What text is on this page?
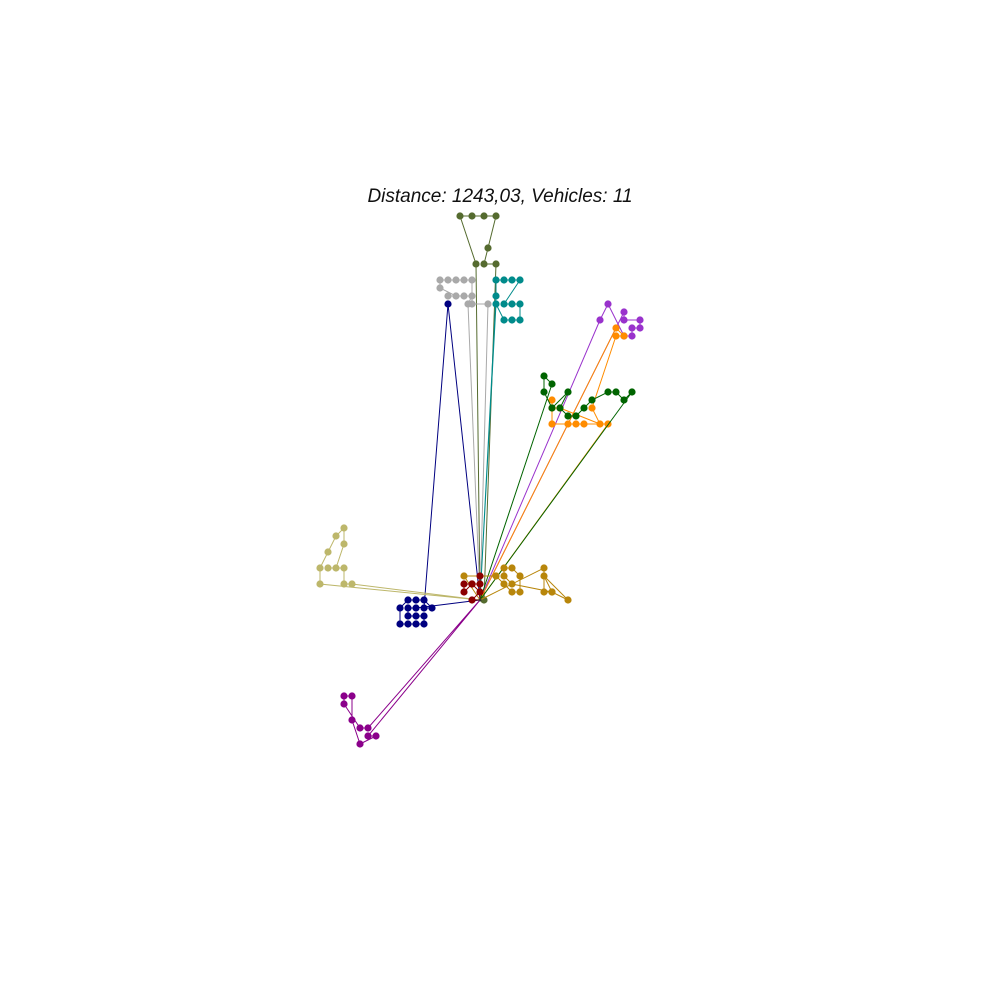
Distance: 1243,03, Vehicles: 11
